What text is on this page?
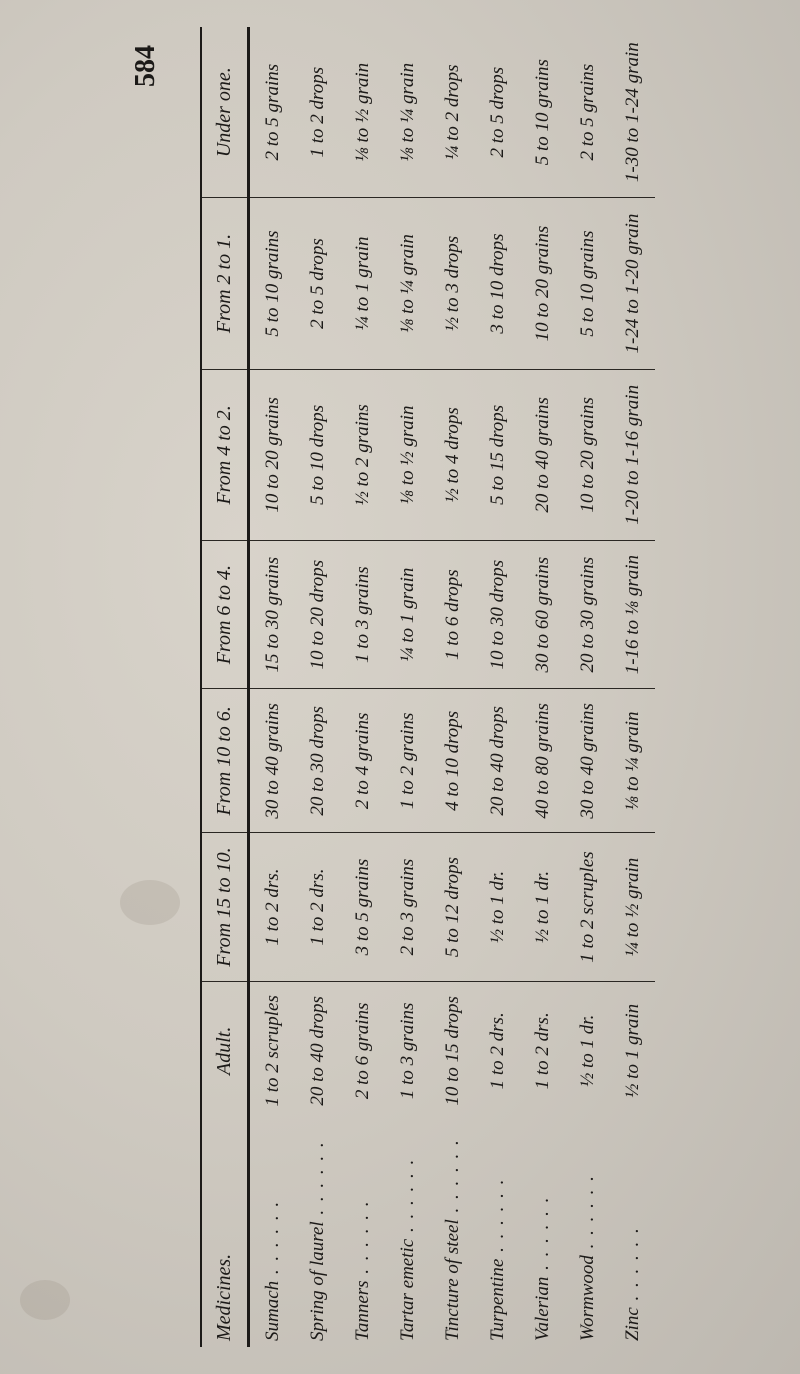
584
Medicines.	Adult.	From 15 to 10.	From 10 to 6.	From 6 to 4.	From 4 to 2.	From 2 to 1.	Under one.
Sumach . . .	1 to 2 scruples	1 to 2 drs.	30 to 40 grains	15 to 30 grains	10 to 20 grains	5 to 10 grains	2 to 5 grains
Spring of laurel . . .	20 to 40 drops	1 to 2 drs.	20 to 30 drops	10 to 20 drops	5 to 10 drops	2 to 5 drops	1 to 2 drops
Tanners . . .	2 to 6 grains	3 to 5 grains	2 to 4 grains	1 to 3 grains	½ to 2 grains	¼ to 1 grain	⅛ to ½ grain
Tartar emetic . . .	1 to 3 grains	2 to 3 grains	1 to 2 grains	¼ to 1 grain	⅛ to ½ grain	⅛ to ¼ grain	⅛ to ¼ grain
Tincture of steel . . .	10 to 15 drops	5 to 12 drops	4 to 10 drops	1 to 6 drops	½ to 4 drops	½ to 3 drops	¼ to 2 drops
Turpentine . . .	1 to 2 drs.	½ to 1 dr.	20 to 40 drops	10 to 30 drops	5 to 15 drops	3 to 10 drops	2 to 5 drops
Valerian . . .	1 to 2 drs.	½ to 1 dr.	40 to 80 grains	30 to 60 grains	20 to 40 grains	10 to 20 grains	5 to 10 grains
Wormwood . . .	½ to 1 dr.	1 to 2 scruples	30 to 40 grains	20 to 30 grains	10 to 20 grains	5 to 10 grains	2 to 5 grains
Zinc . . .	½ to 1 grain	¼ to ½ grain	⅛ to ¼ grain	1-16 to ⅛ grain	1-20 to 1-16 grain	1-24 to 1-20 grain	1-30 to 1-24 grain
